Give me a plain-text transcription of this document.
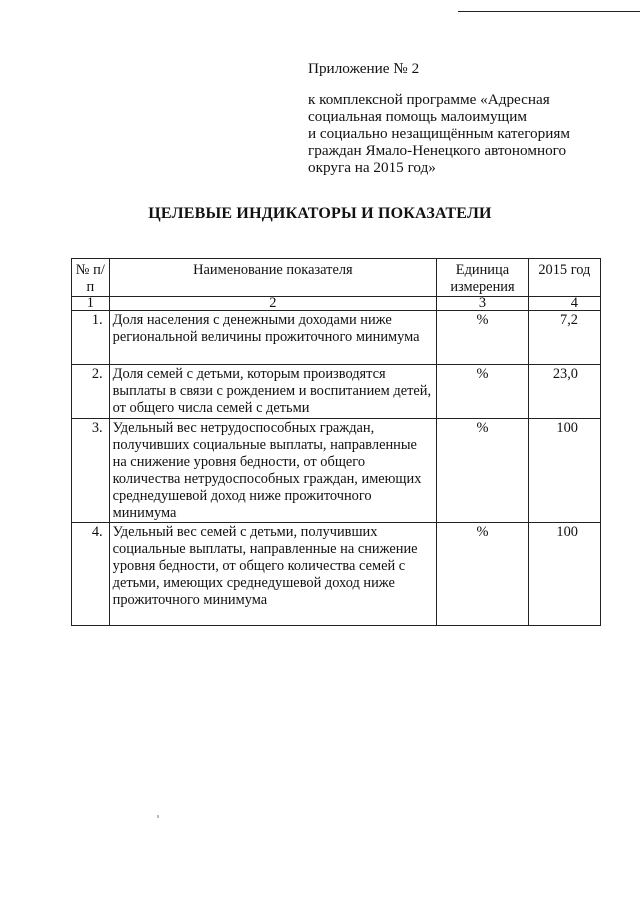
Приложение № 2
к комплексной программе «Адресная
социальная помощь малоимущим
и социально незащищённым категориям
граждан Ямало-Ненецкого автономного
округа на 2015 год»
ЦЕЛЕВЫЕ ИНДИКАТОРЫ И ПОКАЗАТЕЛИ
№ п/п	Наименование показателя	Единица измерения	2015 год
1	2	3	4
1.	Доля населения с денежными доходами ниже региональной величины прожиточного минимума	%	7,2
2.	Доля семей с детьми, которым производятся выплаты в связи с рождением и воспитанием детей, от общего числа семей с детьми	%	23,0
3.	Удельный вес нетрудоспособных граждан, получивших социальные выплаты, направленные на снижение уровня бедности, от общего количества нетрудоспособных граждан, имеющих среднедушевой доход ниже прожиточного минимума	%	100
4.	Удельный вес семей с детьми, получивших социальные выплаты, направленные на снижение уровня бедности, от общего количества семей с детьми, имеющих среднедушевой доход ниже прожиточного минимума	%	100
